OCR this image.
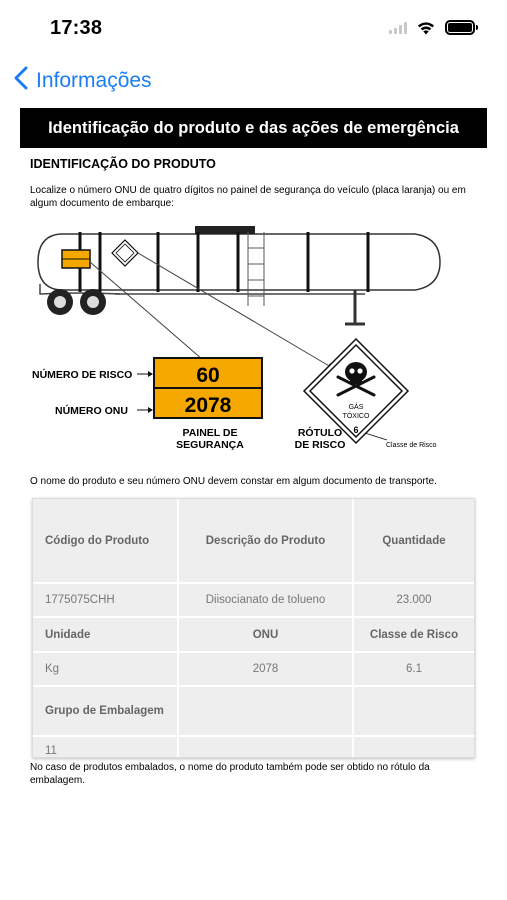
17:38
Informações
Identificação do produto e das ações de emergência
IDENTIFICAÇÃO DO PRODUTO
Localize o número ONU de quatro dígitos no painel de segurança do veículo (placa laranja) ou em algum documento de embarque:
NÚMERO DE RISCO
NÚMERO ONU
60
2078
PAINEL DE
SEGURANÇA
GÁS
TÓXICO
6
Classe de Risco
RÓTULO
DE RISCO
O nome do produto e seu número ONU devem constar em algum documento de transporte.
Código do Produto	Descrição do Produto	Quantidade
1775075CHH	Diisocianato de tolueno	23.000
Unidade	ONU	Classe de Risco
Kg	2078	6.1
Grupo de Embalagem		
11		
No caso de produtos embalados, o nome do produto também pode ser obtido no rótulo da embalagem.
